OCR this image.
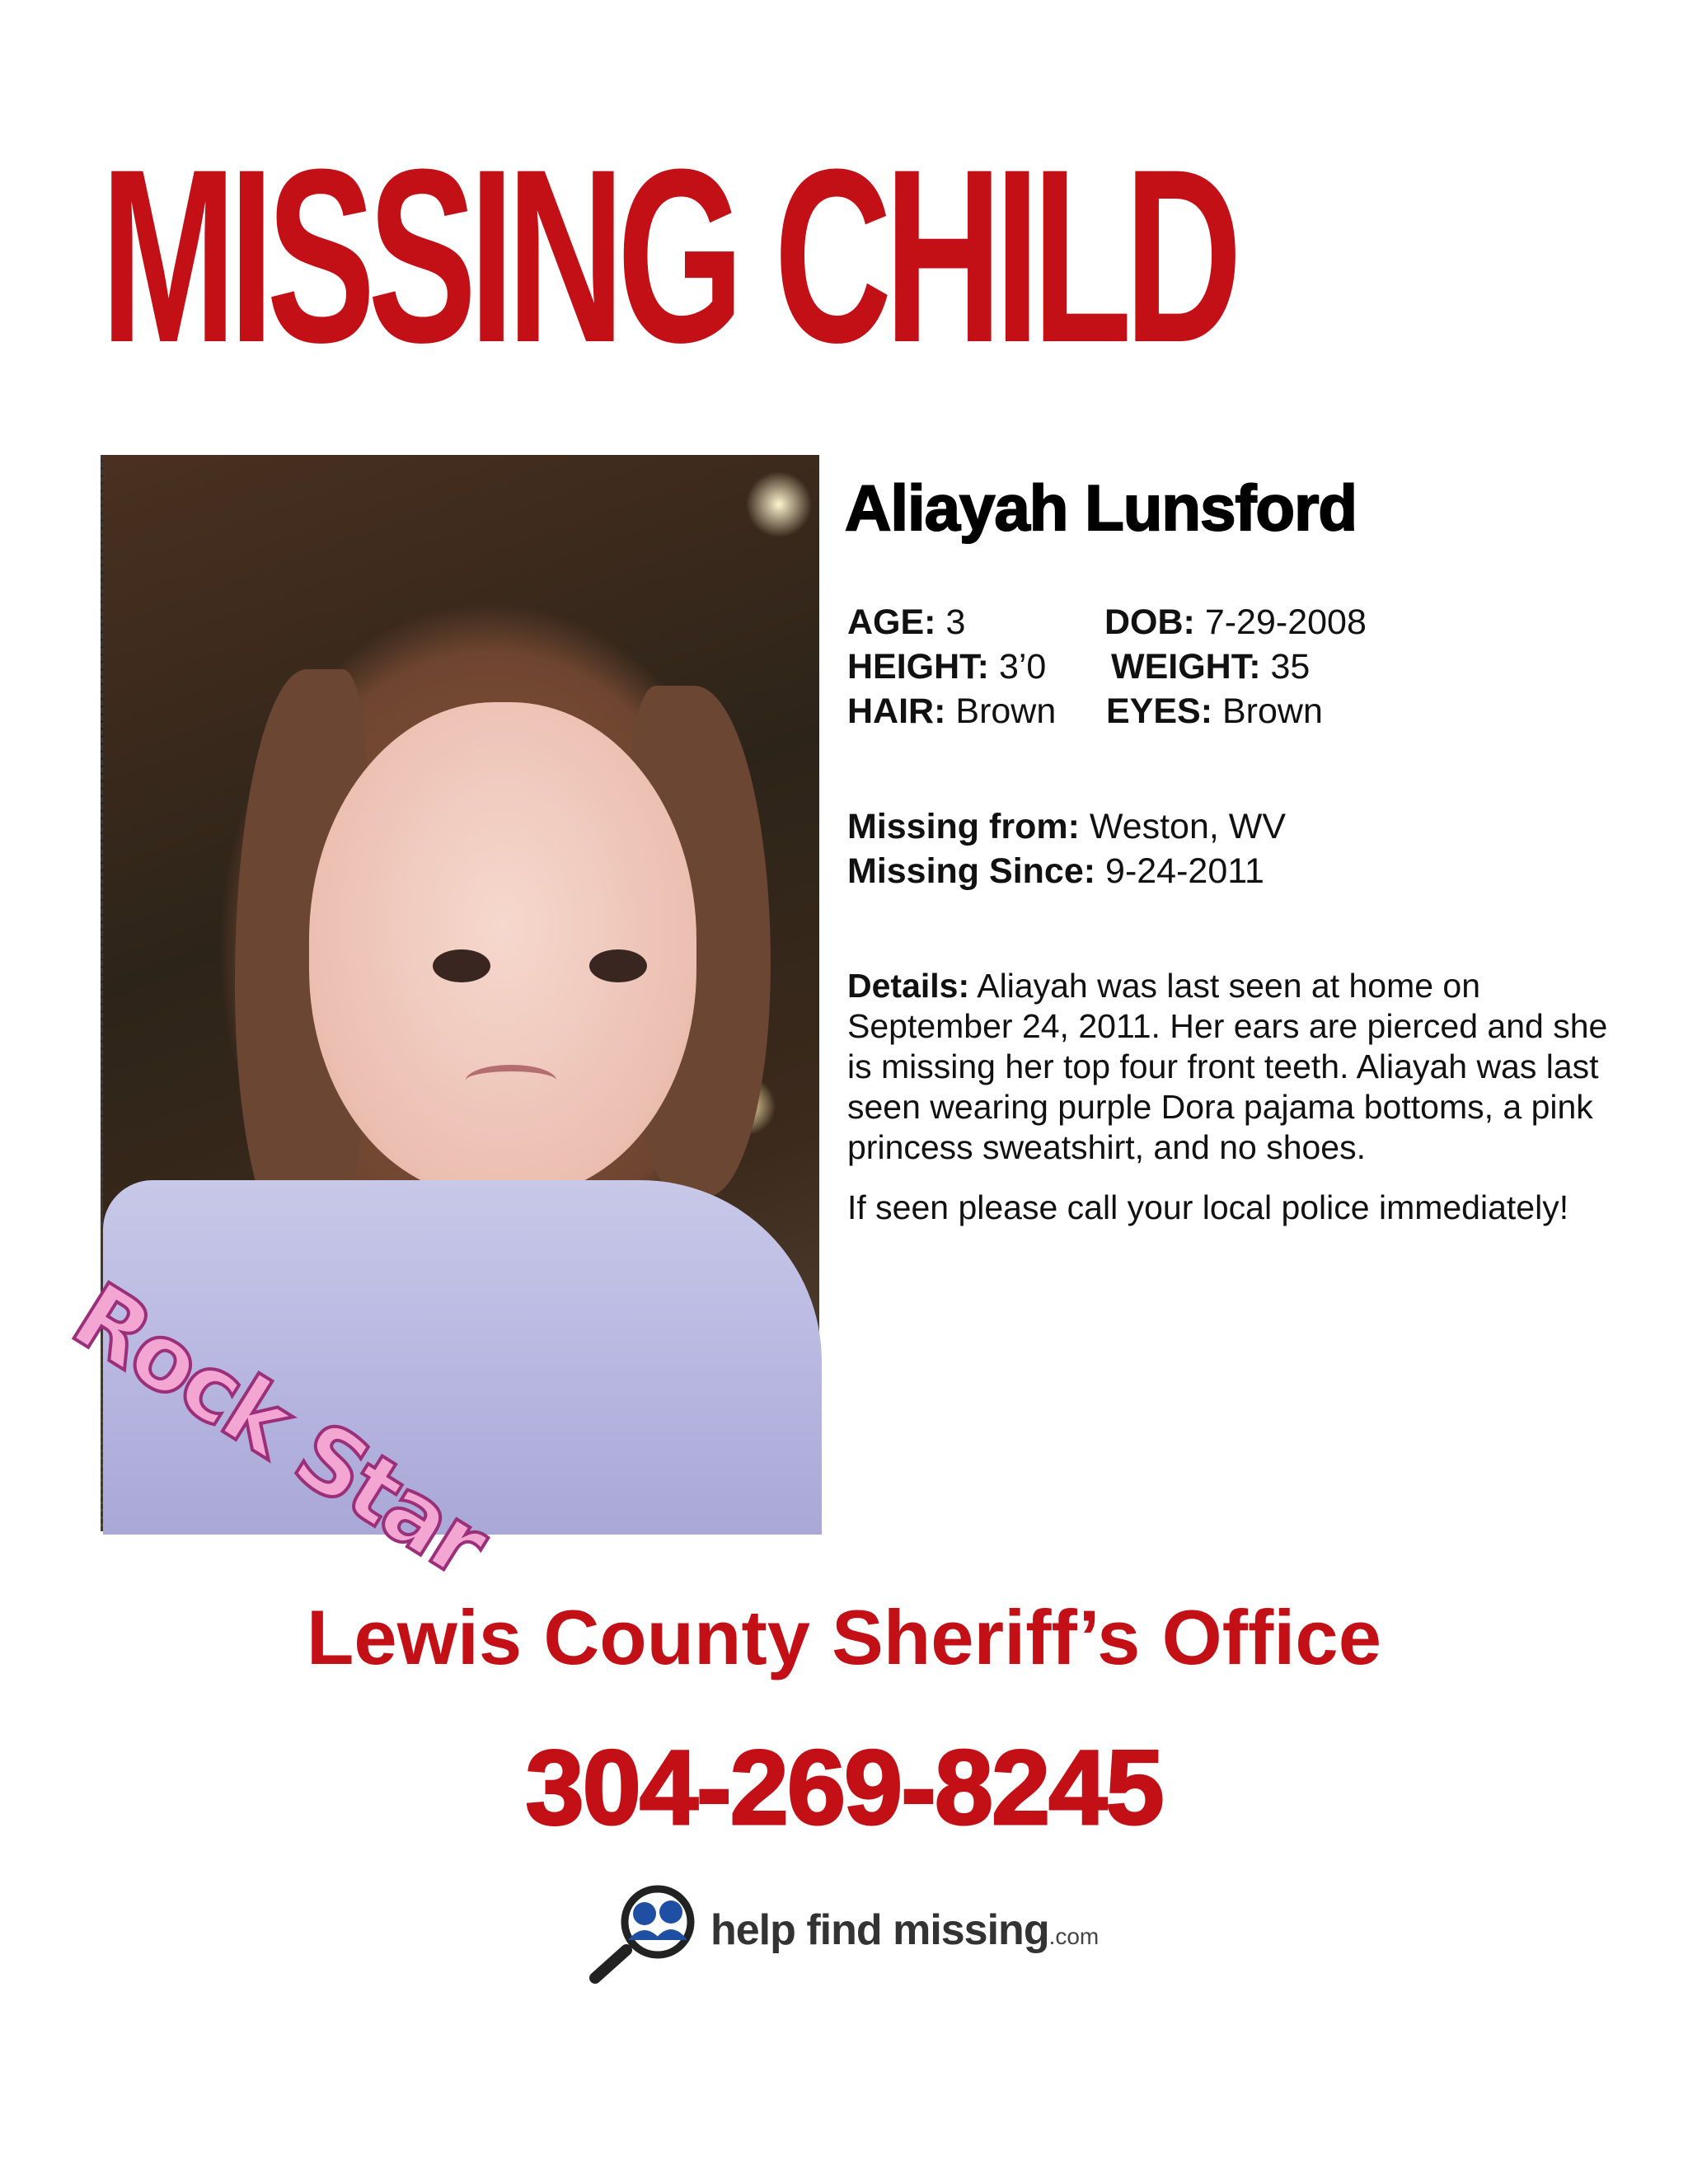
MISSING CHILD
Rock Star
Aliayah Lunsford
AGE: 3	DOB: 7-29-2008
HEIGHT: 3’0 WEIGHT: 35
HAIR: Brown EYES: Brown
Missing from: Weston, WV
Missing Since: 9-24-2011

Details: Aliayah was last seen at home on September 24, 2011. Her ears are pierced and she is missing her top four front teeth. Aliayah was last seen wearing purple Dora pajama bottoms, a pink princess sweatshirt, and no shoes.

If seen please call your local police immediately!

Lewis County Sheriff’s Office
304-269-8245
help find missing.com
